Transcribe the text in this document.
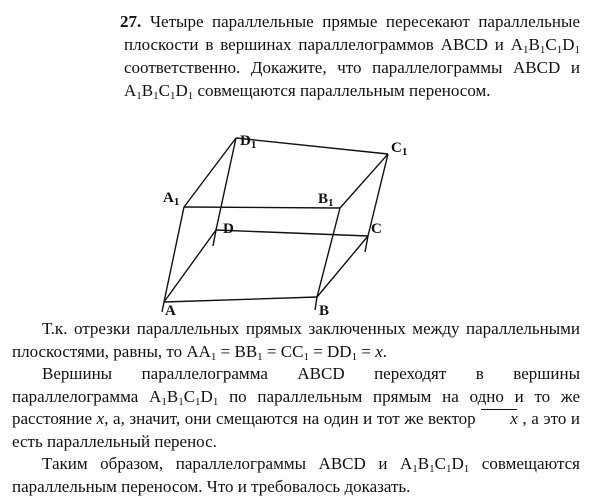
27. Четыре параллельные прямые пересекают параллельные плоскости в вершинах параллелограммов ABCD и $A_1B_1C_1D_1$ соответственно. Докажите, что параллелограммы ABCD и $A_1B_1C_1D_1$ совмещаются параллельным переносом.
$D_1$	$C_1$
$A_1$	$B_1$
D	C
A	B

Т.к. отрезки параллельных прямых заключенных между параллельными плоскостями, равны, то $AA_1 = BB_1 = CC_1 = DD_1 = x$.

Вершины параллелограмма ABCD переходят в вершины параллелограмма $A_1B_1C_1D_1$ по параллельным прямым на одно и то же расстояние x, а, значит, они смещаются на один и тот же вектор x , а это и есть параллельный перенос.

Таким образом, параллелограммы ABCD и $A_1B_1C_1D_1$ совмещаются параллельным переносом. Что и требовалось доказать.
